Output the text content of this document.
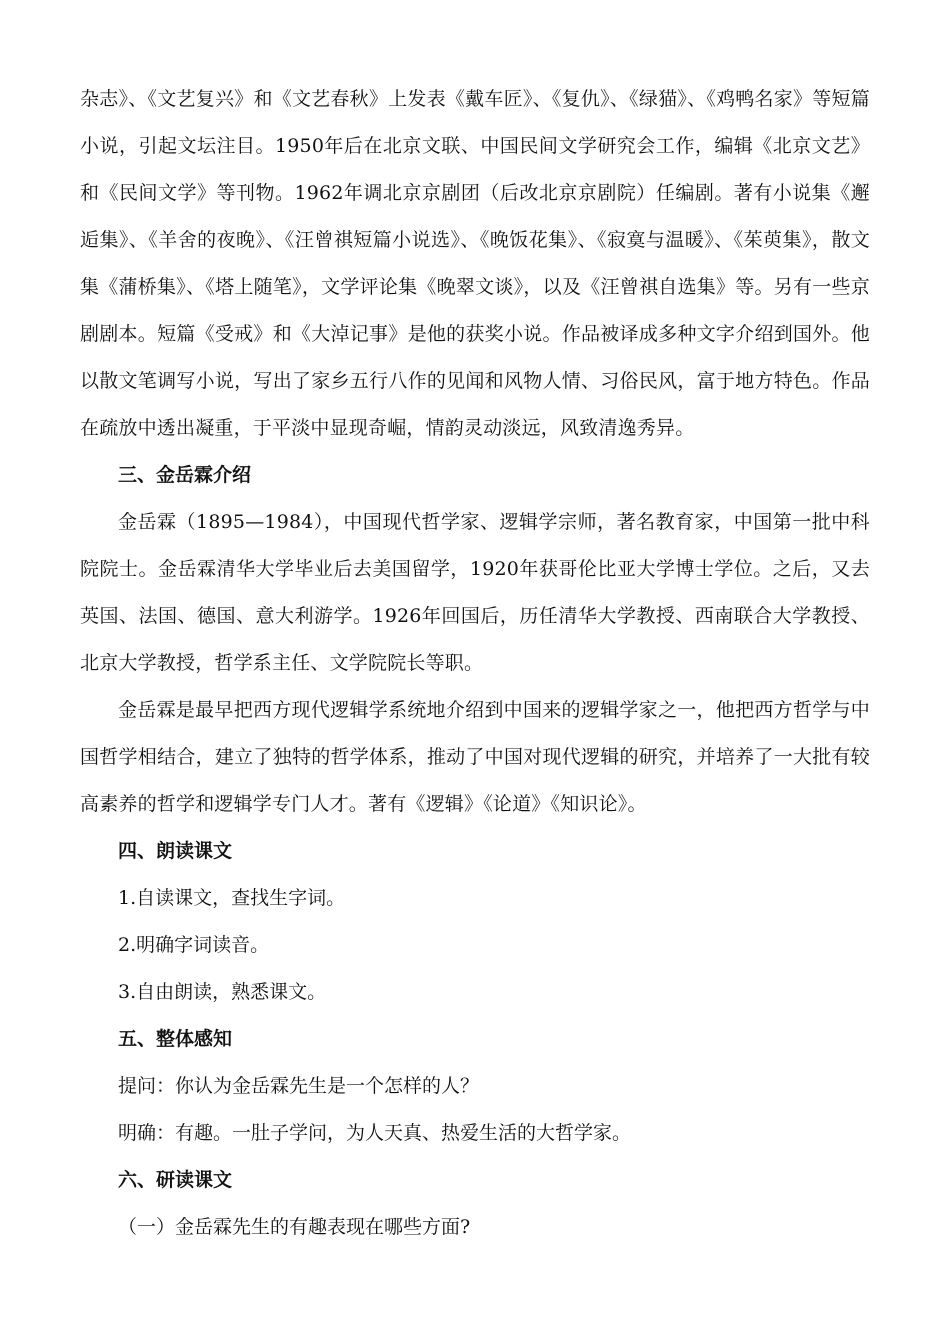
杂志》、《文艺复兴》和《文艺春秋》上发表《戴车匠》、《复仇》、《绿猫》、《鸡鸭名家》等短篇小说，引起文坛注目。1950年后在北京文联、中国民间文学研究会工作，编辑《北京文艺》和《民间文学》等刊物。1962年调北京京剧团（后改北京京剧院）任编剧。著有小说集《邂逅集》、《羊舍的夜晚》、《汪曾祺短篇小说选》、《晚饭花集》、《寂寞与温暖》、《茱萸集》，散文集《蒲桥集》、《塔上随笔》，文学评论集《晚翠文谈》，以及《汪曾祺自选集》等。另有一些京剧剧本。短篇《受戒》和《大淖记事》是他的获奖小说。作品被译成多种文字介绍到国外。他以散文笔调写小说，写出了家乡五行八作的见闻和风物人情、习俗民风，富于地方特色。作品在疏放中透出凝重，于平淡中显现奇崛，情韵灵动淡远，风致清逸秀异。

三、金岳霖介绍

金岳霖（1895—1984），中国现代哲学家、逻辑学宗师，著名教育家，中国第一批中科院院士。金岳霖清华大学毕业后去美国留学，1920年获哥伦比亚大学博士学位。之后，又去英国、法国、德国、意大利游学。1926年回国后，历任清华大学教授、西南联合大学教授、北京大学教授，哲学系主任、文学院院长等职。

金岳霖是最早把西方现代逻辑学系统地介绍到中国来的逻辑学家之一，他把西方哲学与中国哲学相结合，建立了独特的哲学体系，推动了中国对现代逻辑的研究，并培养了一大批有较高素养的哲学和逻辑学专门人才。著有《逻辑》《论道》《知识论》。

四、朗读课文

1.自读课文，查找生字词。

2.明确字词读音。

3.自由朗读，熟悉课文。

五、整体感知

提问：你认为金岳霖先生是一个怎样的人？

明确：有趣。一肚子学问，为人天真、热爱生活的大哲学家。

六、研读课文

（一）金岳霖先生的有趣表现在哪些方面?
